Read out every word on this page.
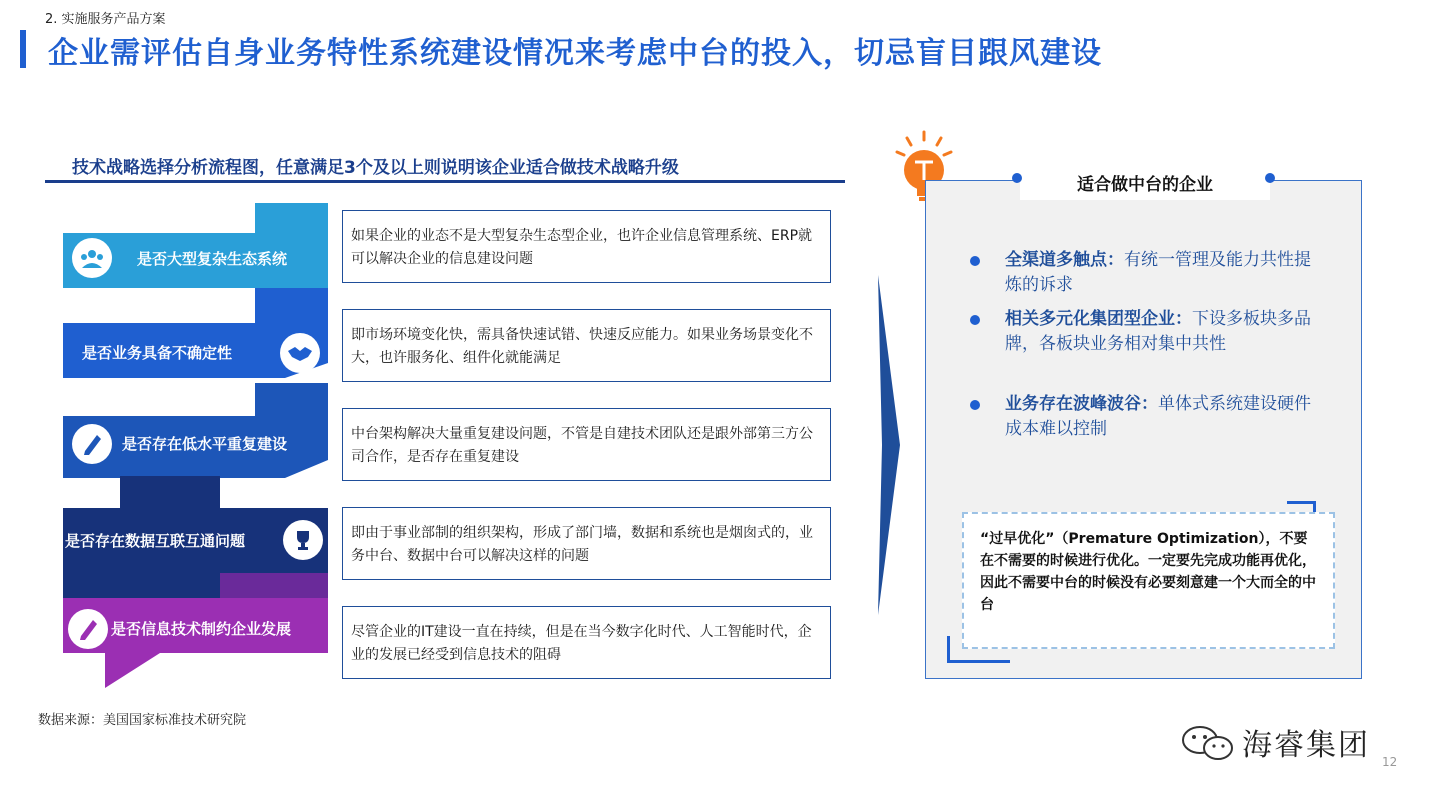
2. 实施服务产品方案
企业需评估自身业务特性系统建设情况来考虑中台的投入，切忌盲目跟风建设
技术战略选择分析流程图，任意满足3个及以上则说明该企业适合做技术战略升级
是否大型复杂生态系统
是否业务具备不确定性
是否存在低水平重复建设
是否存在数据互联互通问题
是否信息技术制约企业发展
如果企业的业态不是大型复杂生态型企业，也许企业信息管理系统、ERP就可以解决企业的信息建设问题
即市场环境变化快，需具备快速试错、快速反应能力。如果业务场景变化不大，也许服务化、组件化就能满足
中台架构解决大量重复建设问题，不管是自建技术团队还是跟外部第三方公司合作，是否存在重复建设
即由于事业部制的组织架构，形成了部门墙，数据和系统也是烟囱式的，业务中台、数据中台可以解决这样的问题
尽管企业的IT建设一直在持续，但是在当今数字化时代、人工智能时代，企业的发展已经受到信息技术的阻碍
适合做中台的企业
全渠道多触点：有统一管理及能力共性提炼的诉求
相关多元化集团型企业：下设多板块多品牌，各板块业务相对集中共性
业务存在波峰波谷：单体式系统建设硬件成本难以控制
“过早优化”（Premature Optimization），不要在不需要的时候进行优化。一定要先完成功能再优化，因此不需要中台的时候没有必要刻意建一个大而全的中台
数据来源：美国国家标准技术研究院
海睿集团 12
